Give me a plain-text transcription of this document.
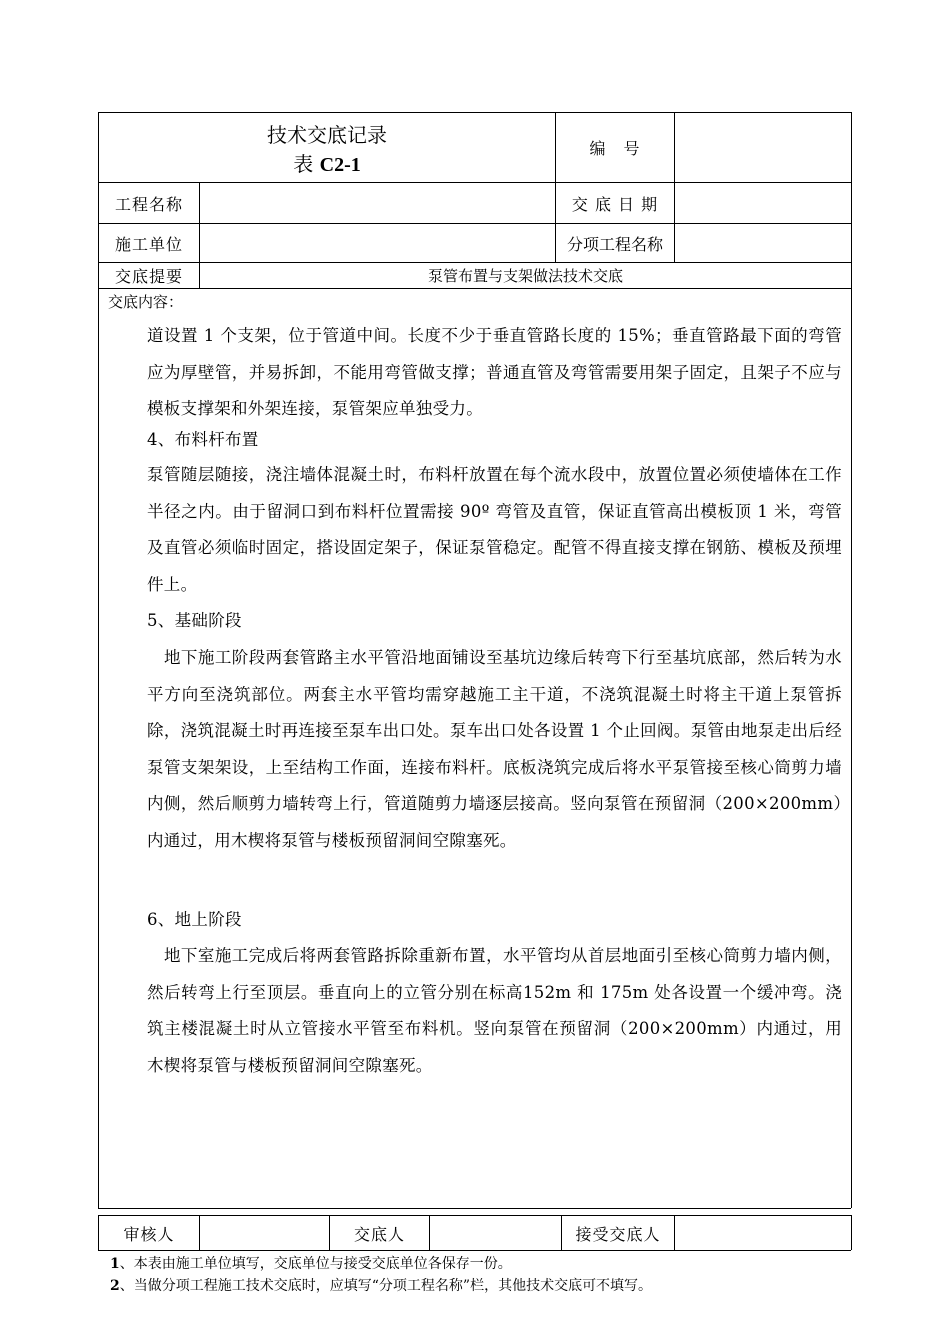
技术交底记录
表 C2-1
编　号
工程名称	交 底 日 期
施工单位	分项工程名称
交底提要	泵管布置与支架做法技术交底
交底内容：
道设置 1 个支架，位于管道中间。长度不少于垂直管路长度的 15%；垂直管路最下面的弯管应为厚壁管，并易拆卸，不能用弯管做支撑；普通直管及弯管需要用架子固定，且架子不应与模板支撑架和外架连接，泵管架应单独受力。
4、布料杆布置
泵管随层随接，浇注墙体混凝土时，布料杆放置在每个流水段中，放置位置必须使墙体在工作半径之内。由于留洞口到布料杆位置需接 90º 弯管及直管，保证直管高出模板顶 1 米，弯管及直管必须临时固定，搭设固定架子，保证泵管稳定。配管不得直接支撑在钢筋、模板及预埋件上。
5、基础阶段
　地下施工阶段两套管路主水平管沿地面铺设至基坑边缘后转弯下行至基坑底部，然后转为水平方向至浇筑部位。两套主水平管均需穿越施工主干道，不浇筑混凝土时将主干道上泵管拆除，浇筑混凝土时再连接至泵车出口处。泵车出口处各设置 1 个止回阀。泵管由地泵走出后经泵管支架架设，上至结构工作面，连接布料杆。底板浇筑完成后将水平泵管接至核心筒剪力墙内侧，然后顺剪力墙转弯上行，管道随剪力墙逐层接高。竖向泵管在预留洞（200×200mm）内通过，用木楔将泵管与楼板预留洞间空隙塞死。
6、地上阶段
　地下室施工完成后将两套管路拆除重新布置，水平管均从首层地面引至核心筒剪力墙内侧，然后转弯上行至顶层。垂直向上的立管分别在标高152m 和 175m 处各设置一个缓冲弯。浇筑主楼混凝土时从立管接水平管至布料机。竖向泵管在预留洞（200×200mm）内通过，用木楔将泵管与楼板预留洞间空隙塞死。
审核人	交底人	接受交底人
1、本表由施工单位填写，交底单位与接受交底单位各保存一份。
2、当做分项工程施工技术交底时，应填写“分项工程名称”栏，其他技术交底可不填写。
